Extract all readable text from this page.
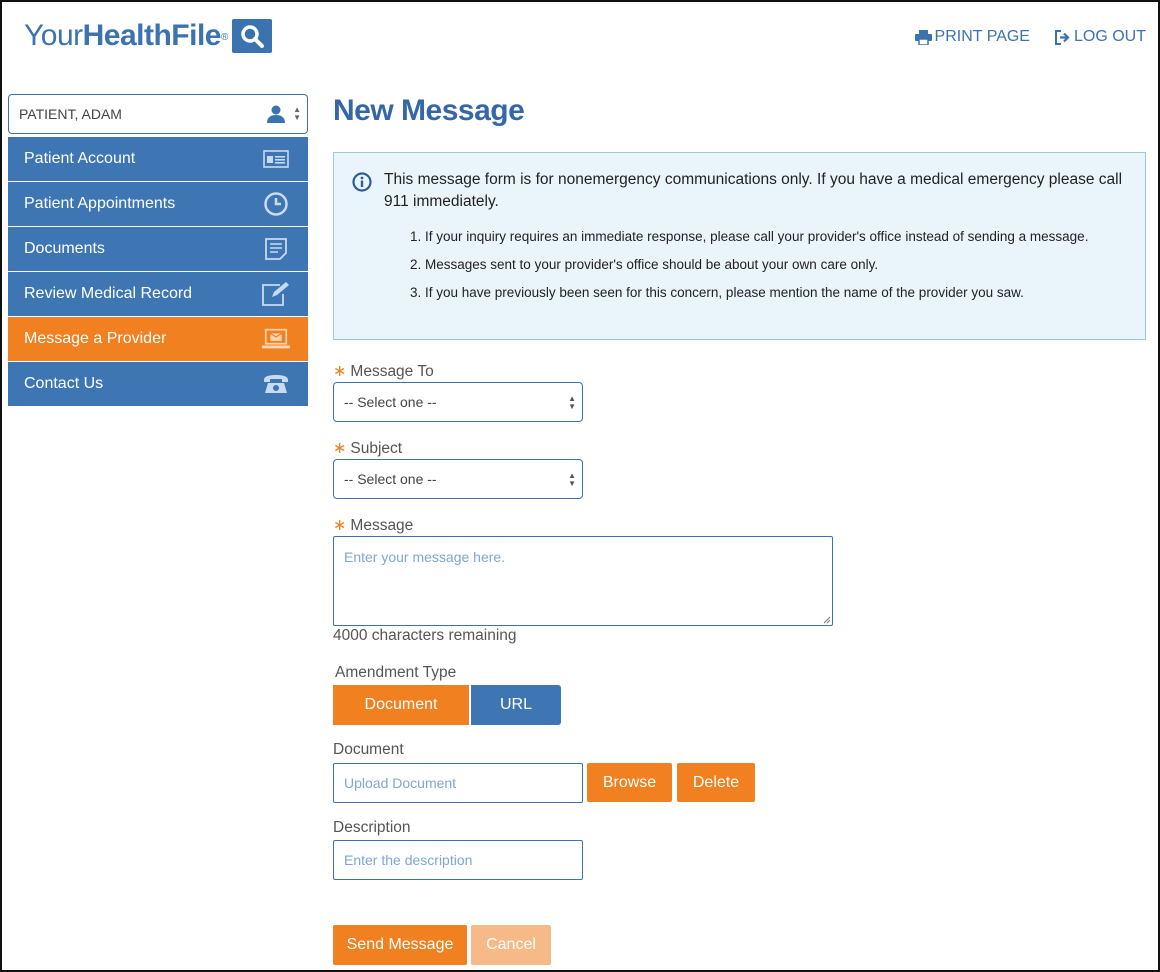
YourHealthFile®	PRINT PAGE	LOG OUT
PATIENT, ADAM	▲
▼
Patient Account
Patient Appointments
Documents
Review Medical Record
Message a Provider
Contact Us
New Message

This message form is for nonemergency communications only. If you have a medical emergency please call 911 immediately.

1. If your inquiry requires an immediate response, please call your provider's office instead of sending a message.
2. Messages sent to your provider's office should be about your own care only.
3. If you have previously been seen for this concern, please mention the name of the provider you saw.
∗ Message To
-- Select one --	▲
▼
∗ Subject
-- Select one --	▲
▼
∗ Message
Enter your message here.
4000 characters remaining
Amendment Type
Document	URL
Document
Upload Document	Browse	Delete
Description
Enter the description
Send Message	Cancel
